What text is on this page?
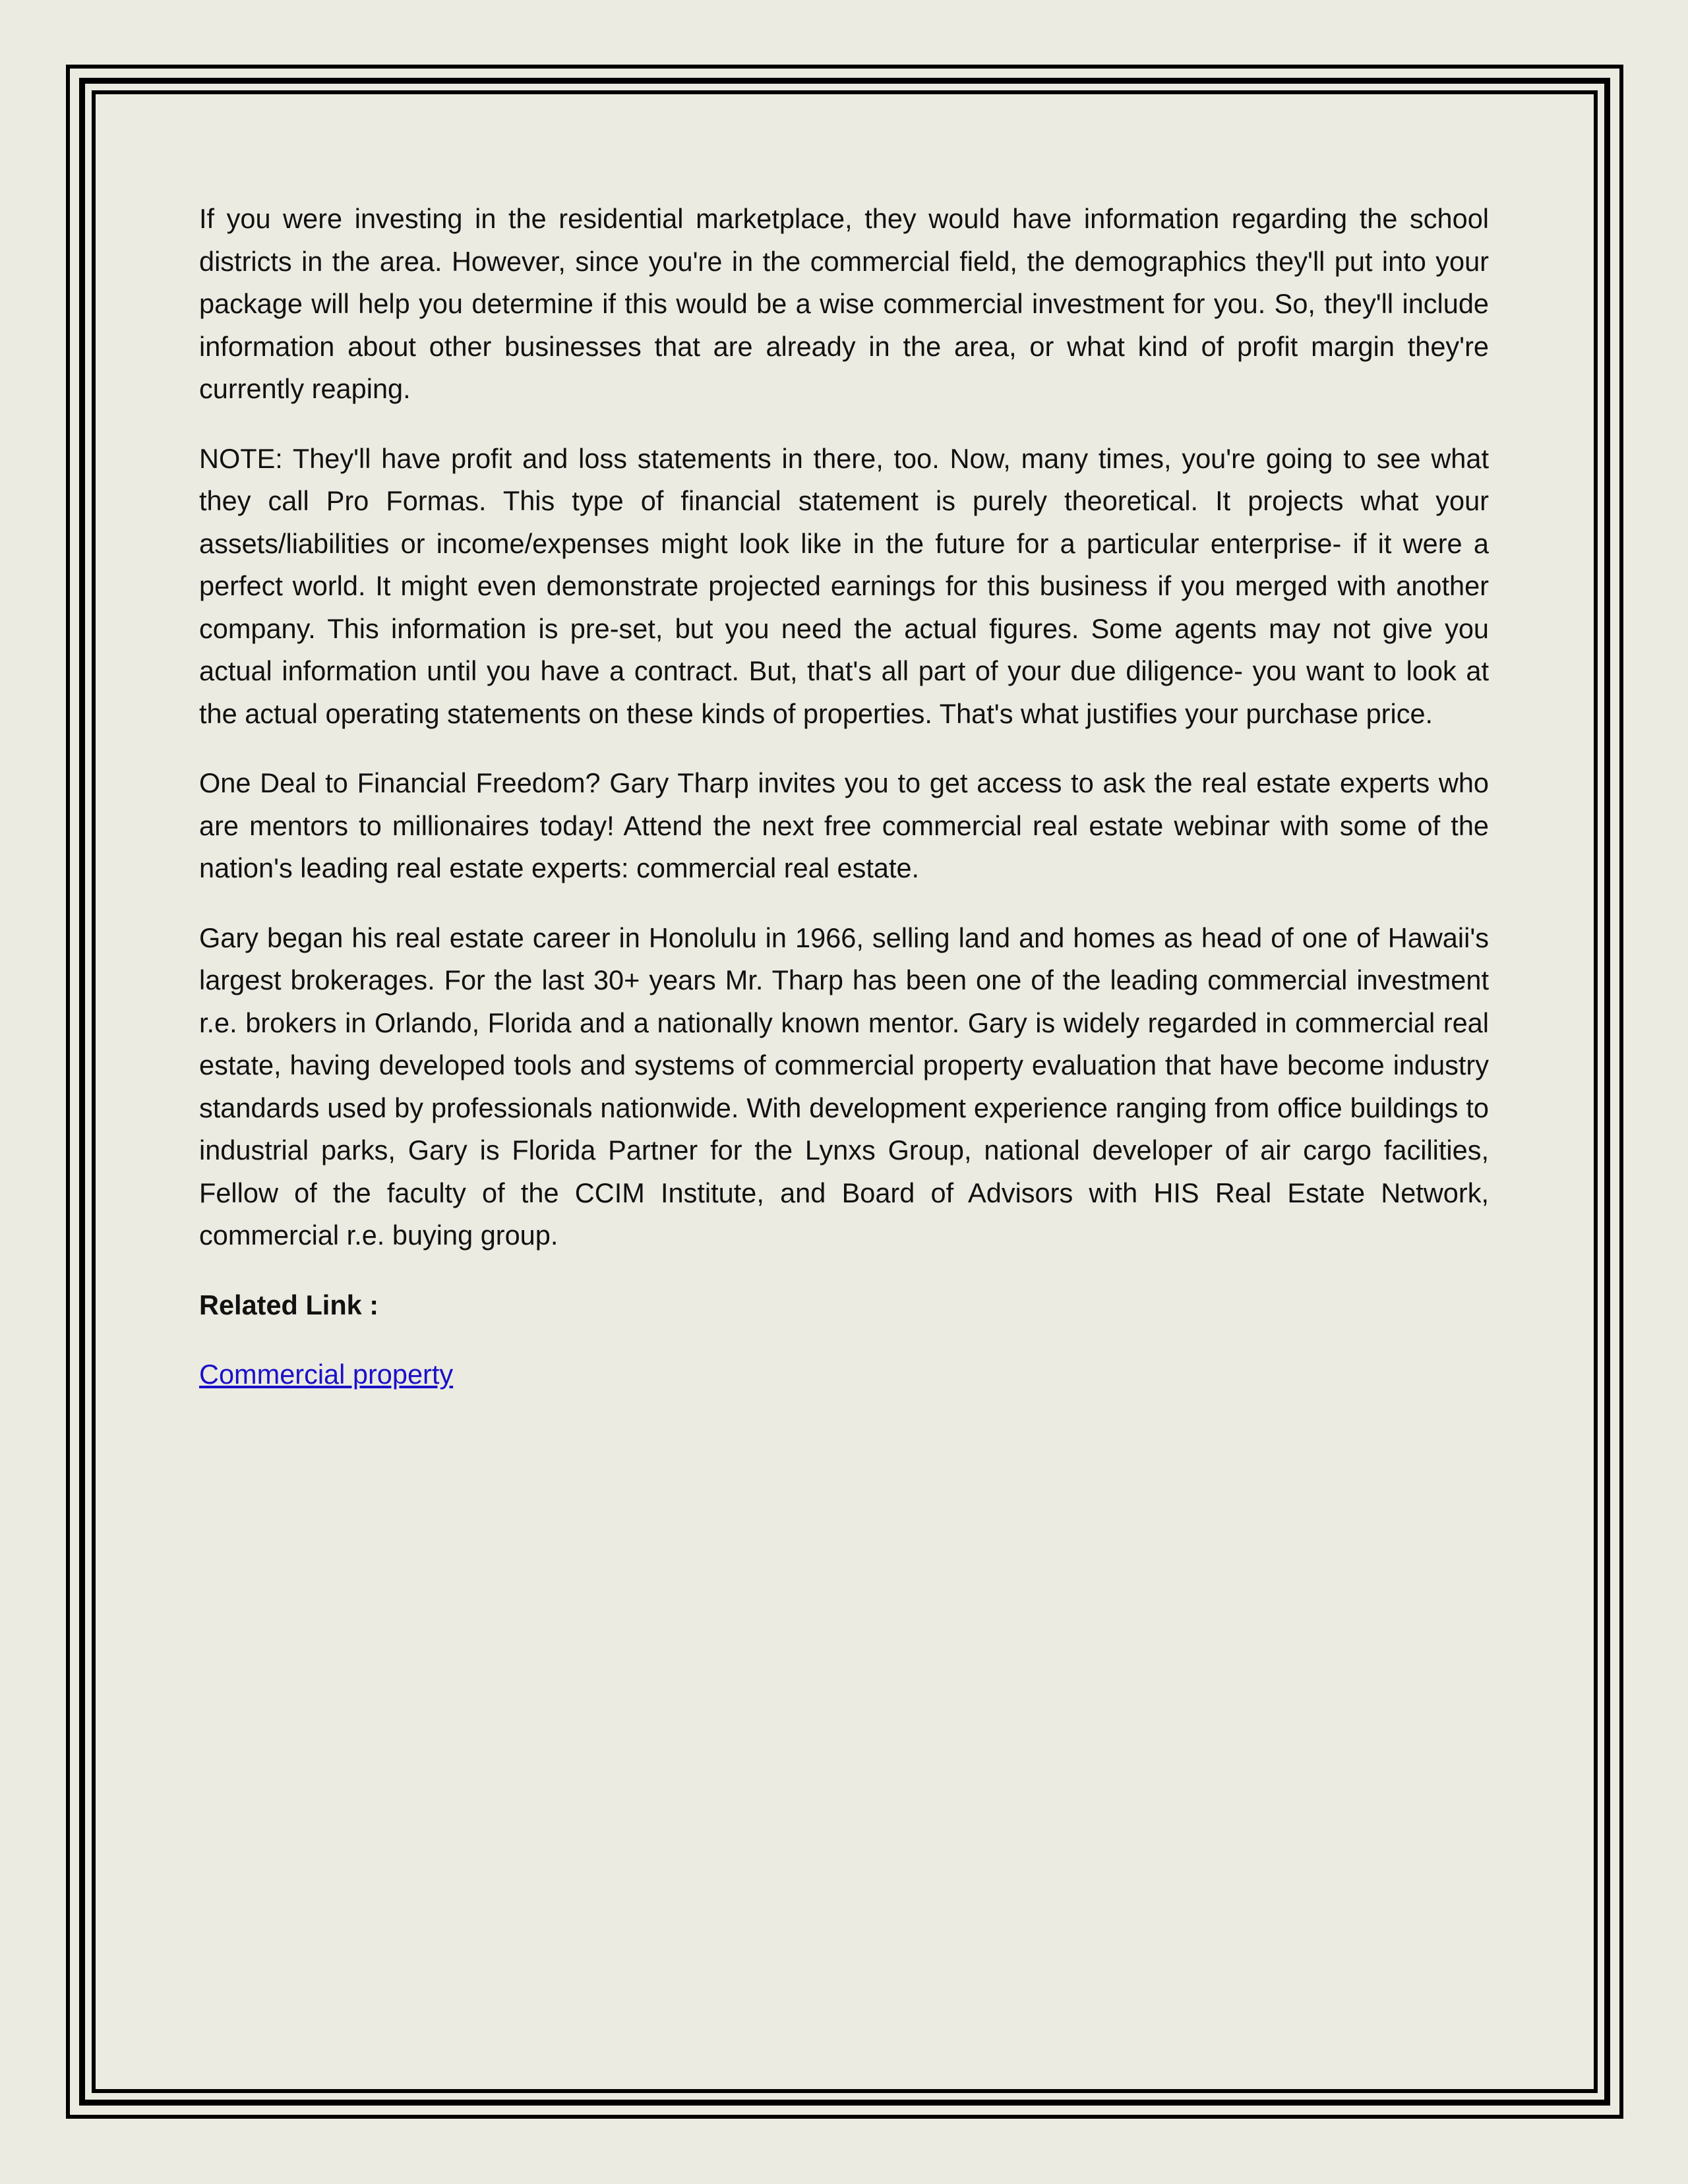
If you were investing in the residential marketplace, they would have information regarding the school districts in the area. However, since you're in the commercial field, the demographics they'll put into your package will help you determine if this would be a wise commercial investment for you. So, they'll include information about other businesses that are already in the area, or what kind of profit margin they're currently reaping.

NOTE: They'll have profit and loss statements in there, too. Now, many times, you're going to see what they call Pro Formas. This type of financial statement is purely theoretical. It projects what your assets/liabilities or income/expenses might look like in the future for a particular enterprise- if it were a perfect world. It might even demonstrate projected earnings for this business if you merged with another company. This information is pre-set, but you need the actual figures. Some agents may not give you actual information until you have a contract. But, that's all part of your due diligence- you want to look at the actual operating statements on these kinds of properties. That's what justifies your purchase price.

One Deal to Financial Freedom? Gary Tharp invites you to get access to ask the real estate experts who are mentors to millionaires today! Attend the next free commercial real estate webinar with some of the nation's leading real estate experts: commercial real estate.

Gary began his real estate career in Honolulu in 1966, selling land and homes as head of one of Hawaii's largest brokerages. For the last 30+ years Mr. Tharp has been one of the leading commercial investment r.e. brokers in Orlando, Florida and a nationally known mentor. Gary is widely regarded in commercial real estate, having developed tools and systems of commercial property evaluation that have become industry standards used by professionals nationwide. With development experience ranging from office buildings to industrial parks, Gary is Florida Partner for the Lynxs Group, national developer of air cargo facilities, Fellow of the faculty of the CCIM Institute, and Board of Advisors with HIS Real Estate Network, commercial r.e. buying group.

Related Link :

Commercial property
